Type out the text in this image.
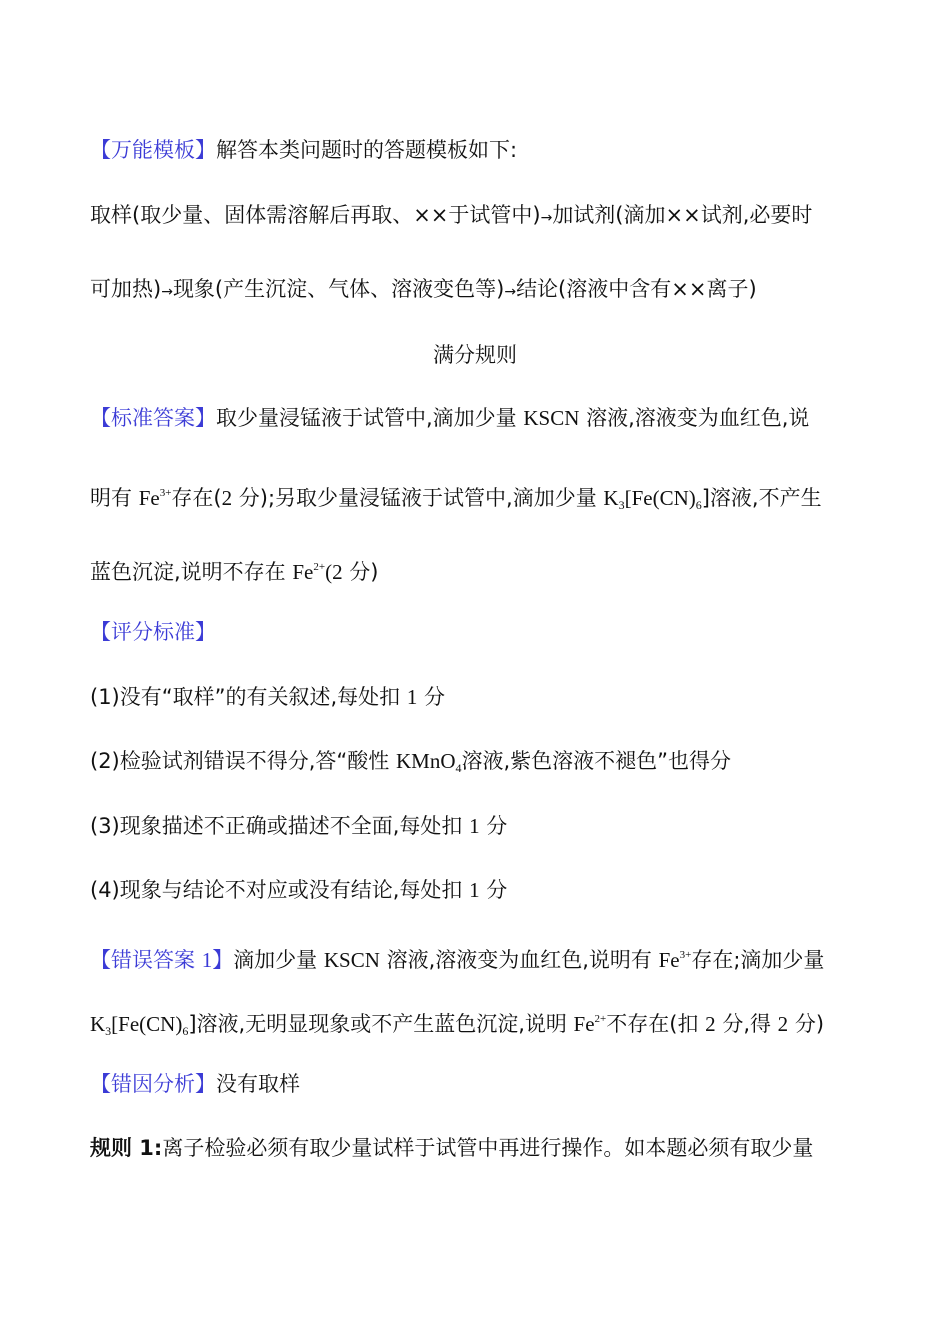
【万能模板】解答本类问题时的答题模板如下:
取样(取少量、固体需溶解后再取、××于试管中)→加试剂(滴加××试剂,必要时
可加热)→现象(产生沉淀、气体、溶液变色等)→结论(溶液中含有××离子)
满分规则
【标准答案】取少量浸锰液于试管中,滴加少量 KSCN 溶液,溶液变为血红色,说
明有 $Fe^{3+}$存在(2 分);另取少量浸锰液于试管中,滴加少量 $K_3[Fe(CN)_6]$溶液,不产生
蓝色沉淀,说明不存在 $Fe^{2+}(2$ 分)
【评分标准】
(1)没有“取样”的有关叙述,每处扣 1 分
(2)检验试剂错误不得分,答“酸性 KMnO$_4$溶液,紫色溶液不褪色”也得分
(3)现象描述不正确或描述不全面,每处扣 1 分
(4)现象与结论不对应或没有结论,每处扣 1 分
【错误答案 1】滴加少量 KSCN 溶液,溶液变为血红色,说明有 $Fe^{3+}$存在;滴加少量
$K_3[Fe(CN)_6]$溶液,无明显现象或不产生蓝色沉淀,说明 $Fe^{2+}$不存在(扣 2 分,得 2 分)
【错因分析】没有取样
规则 1:离子检验必须有取少量试样于试管中再进行操作。如本题必须有取少量
